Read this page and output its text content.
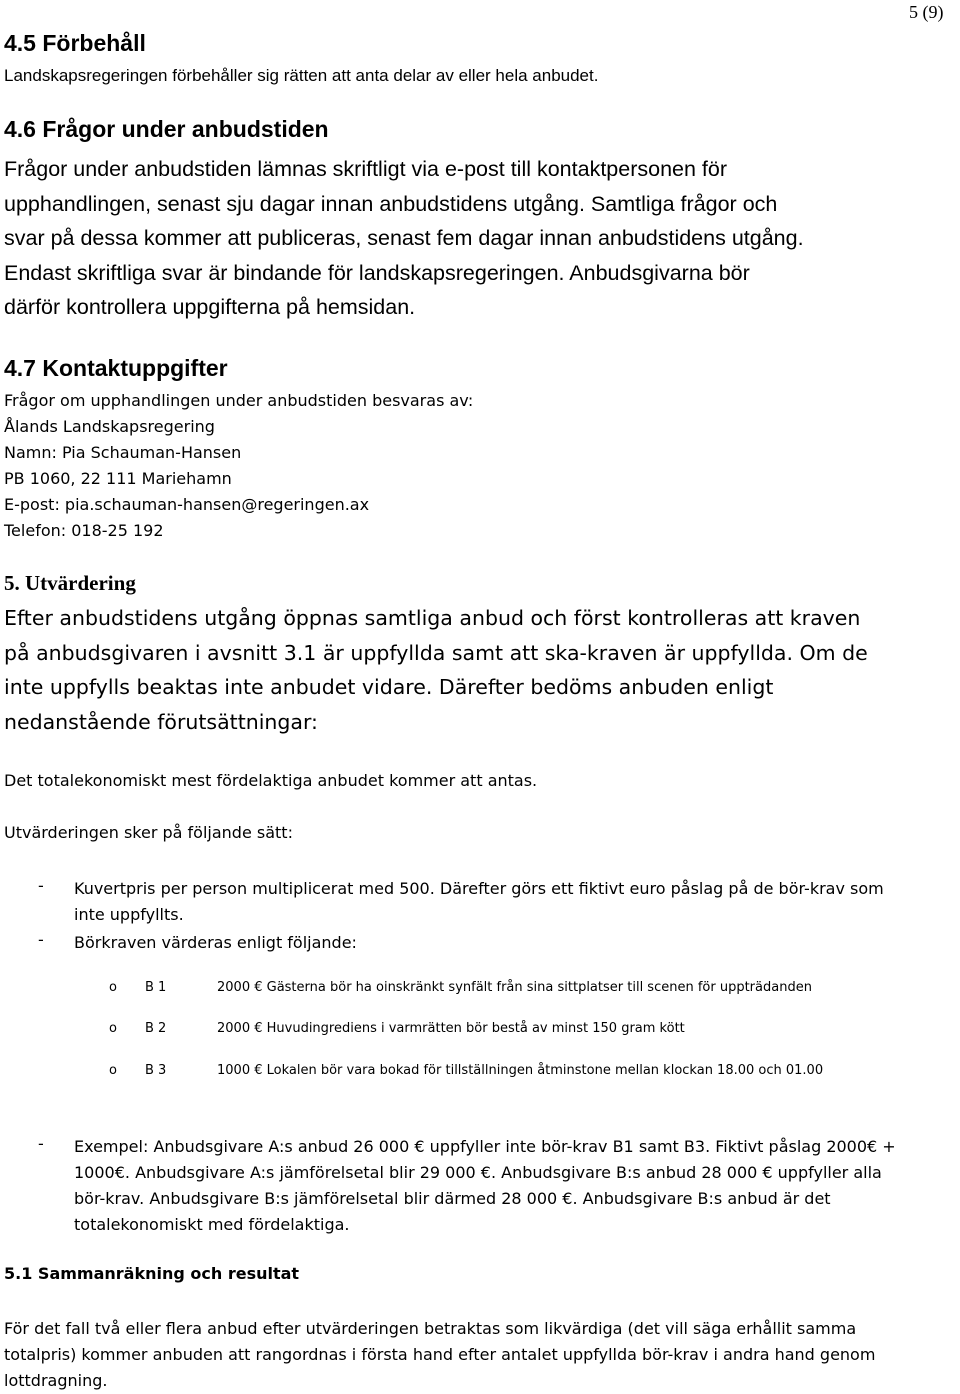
5 (9)
4.5 Förbehåll
Landskapsregeringen förbehåller sig rätten att anta delar av eller hela anbudet.
4.6 Frågor under anbudstiden
Frågor under anbudstiden lämnas skriftligt via e-post till kontaktpersonen för
upphandlingen, senast sju dagar innan anbudstidens utgång. Samtliga frågor och
svar på dessa kommer att publiceras, senast fem dagar innan anbudstidens utgång.
Endast skriftliga svar är bindande för landskapsregeringen. Anbudsgivarna bör
därför kontrollera uppgifterna på hemsidan.
4.7 Kontaktuppgifter
Frågor om upphandlingen under anbudstiden besvaras av:
Ålands Landskapsregering
Namn: Pia Schauman-Hansen
PB 1060, 22 111 Mariehamn
E-post: pia.schauman-hansen@regeringen.ax
Telefon: 018-25 192
5. Utvärdering
Efter anbudstidens utgång öppnas samtliga anbud och först kontrolleras att kraven
på anbudsgivaren i avsnitt 3.1 är uppfyllda samt att ska-kraven är uppfyllda. Om de
inte uppfylls beaktas inte anbudet vidare. Därefter bedöms anbuden enligt
nedanstående förutsättningar:
Det totalekonomiskt mest fördelaktiga anbudet kommer att antas.
Utvärderingen sker på följande sätt:
- Kuvertpris per person multiplicerat med 500. Därefter görs ett fiktivt euro påslag på de bör-krav som
inte uppfyllts.
- Börkraven värderas enligt följande:
o B 1	2000 € Gästerna bör ha oinskränkt synfält från sina sittplatser till scenen för uppträdanden
o B 2	2000 € Huvudingrediens i varmrätten bör bestå av minst 150 gram kött
o B 3	1000 € Lokalen bör vara bokad för tillställningen åtminstone mellan klockan 18.00 och 01.00
- Exempel: Anbudsgivare A:s anbud 26 000 € uppfyller inte bör-krav B1 samt B3. Fiktivt påslag 2000€ +
1000€. Anbudsgivare A:s jämförelsetal blir 29 000 €. Anbudsgivare B:s anbud 28 000 € uppfyller alla
bör-krav. Anbudsgivare B:s jämförelsetal blir därmed 28 000 €. Anbudsgivare B:s anbud är det
totalekonomiskt med fördelaktiga.
5.1 Sammanräkning och resultat
För det fall två eller flera anbud efter utvärderingen betraktas som likvärdiga (det vill säga erhållit samma
totalpris) kommer anbuden att rangordnas i första hand efter antalet uppfyllda bör-krav i andra hand genom
lottdragning.
